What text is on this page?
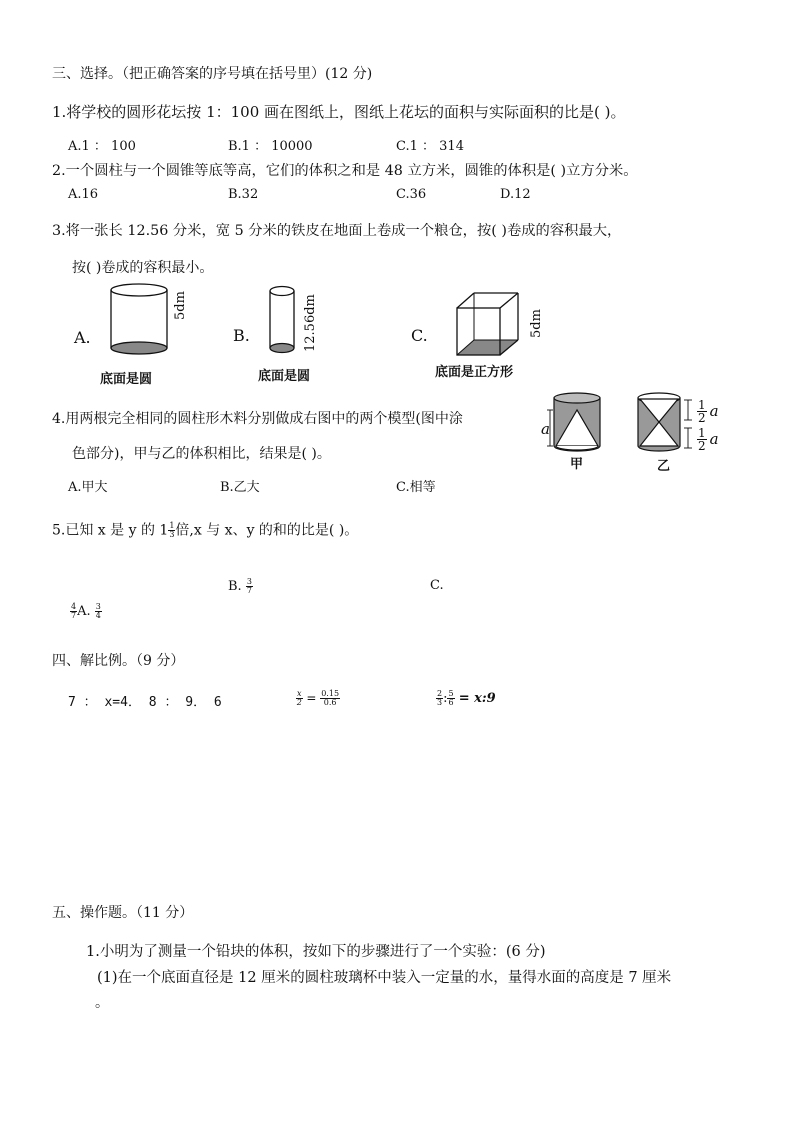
三、选择。（把正确答案的序号填在括号里）(12 分)
1.将学校的圆形花坛按 1：100 画在图纸上，图纸上花坛的面积与实际面积的比是( )。
A.1 ： 100	B.1 ： 10000	C.1 ： 314
2.一个圆柱与一个圆锥等底等高，它们的体积之和是 48 立方米，圆锥的体积是( )立方分米。
A.16	B.32	C.36	D.12
3.将一张长 12.56 分米，宽 5 分米的铁皮在地面上卷成一个粮仓，按( )卷成的容积最大，
按( )卷成的容积最小。
A.
5dm
底面是圆
B.	12.56dm
底面是圆
C.	5dm
底面是正方形
4.用两根完全相同的圆柱形木料分别做成右图中的两个模型(图中涂
色部分)，甲与乙的体积相比，结果是( )。
A.甲大	B.乙大	C.相等
a
甲
$\frac{1}{2}$ a
$\frac{1}{2}$ a
乙
5.已知 x 是 y 的 $1 \frac{1}{3}$ 倍,x 与 x、y 的和的比是( )。
B. $\frac{3}{7}$	C.
$\frac{4}{7} A$. $\frac{3}{4}$
四、解比例。（9 分）
7 ： x=4． 8 ： 9． 6	$\frac{x}{2} = \frac{0.15}{0.6}$	$\frac{2}{3}$ : $\frac{5}{6}$ = x:9
五、操作题。（11 分）
1.小明为了测量一个铅块的体积，按如下的步骤进行了一个实验：(6 分)
(1)在一个底面直径是 12 厘米的圆柱玻璃杯中装入一定量的水，量得水面的高度是 7 厘米
。
